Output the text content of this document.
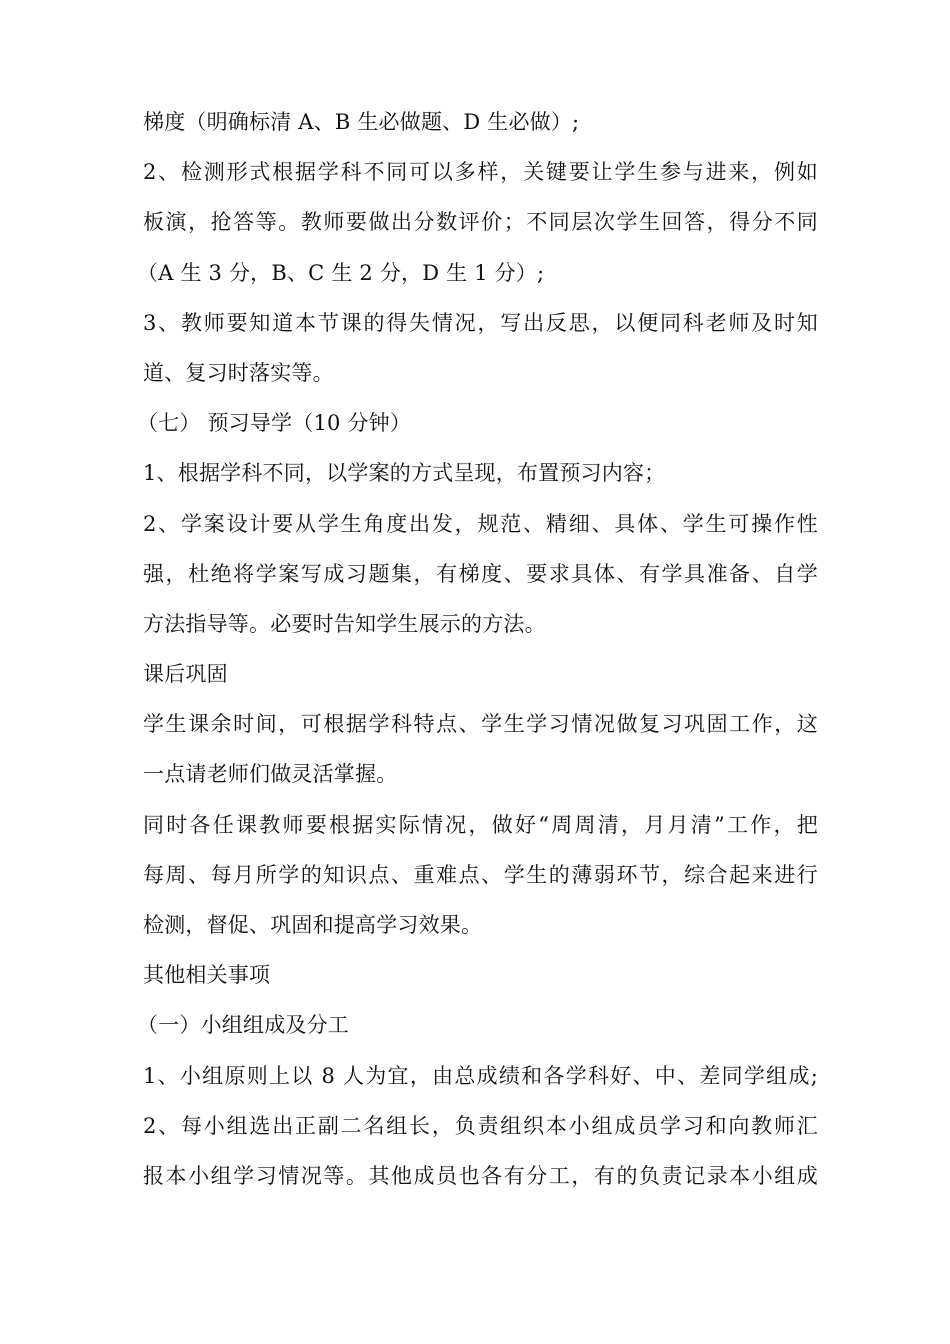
梯度（明确标清 A、B 生必做题、D 生必做）;
2、检测形式根据学科不同可以多样，关键要让学生参与进来，例如
板演，抢答等。教师要做出分数评价；不同层次学生回答，得分不同
（A 生 3 分，B、C 生 2 分，D 生 1 分）;
3、教师要知道本节课的得失情况，写出反思，以便同科老师及时知
道、复习时落实等。
（七） 预习导学（10 分钟）
1、根据学科不同，以学案的方式呈现，布置预习内容；
2、学案设计要从学生角度出发，规范、精细、具体、学生可操作性
强，杜绝将学案写成习题集，有梯度、要求具体、有学具准备、自学
方法指导等。必要时告知学生展示的方法。
课后巩固
学生课余时间，可根据学科特点、学生学习情况做复习巩固工作，这
一点请老师们做灵活掌握。
同时各任课教师要根据实际情况，做好“周周清，月月清”工作，把
每周、每月所学的知识点、重难点、学生的薄弱环节，综合起来进行
检测，督促、巩固和提高学习效果。
其他相关事项
（一）小组组成及分工
1、小组原则上以 8 人为宜，由总成绩和各学科好、中、差同学组成;
2、每小组选出正副二名组长，负责组织本小组成员学习和向教师汇
报本小组学习情况等。其他成员也各有分工，有的负责记录本小组成
